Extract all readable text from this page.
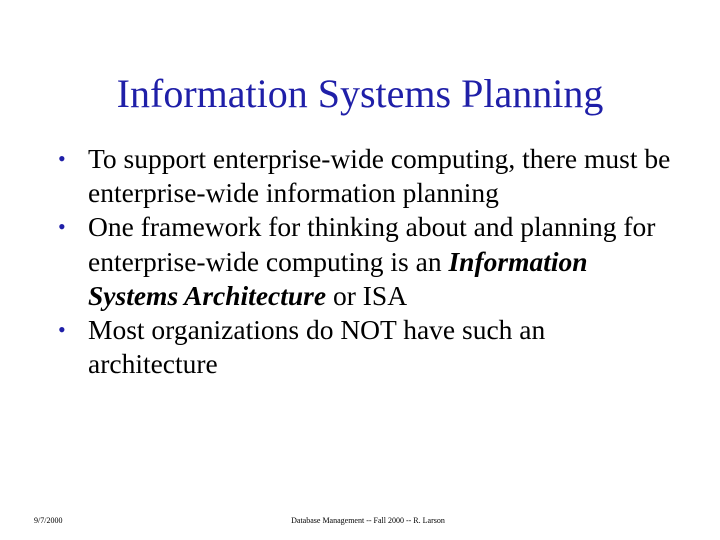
Information Systems Planning
• To support enterprise-wide computing, there must be enterprise-wide information planning
• One framework for thinking about and planning for enterprise-wide computing is an Information Systems Architecture or ISA
• Most organizations do NOT have such an architecture
9/7/2000	Database Management -- Fall 2000 -- R. Larson
